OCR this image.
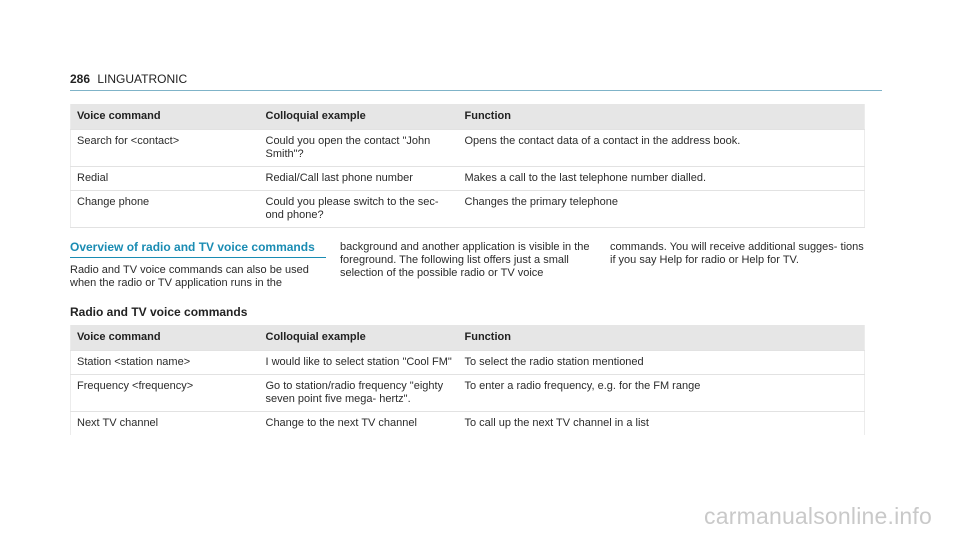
286 LINGUATRONIC
Voice command	Colloquial example	Function
Search for <contact>	Could you open the contact "John Smith"?	Opens the contact data of a contact in the address book.
Redial	Redial/Call last phone number	Makes a call to the last telephone number dialled.
Change phone	Could you please switch to the sec- ond phone?	Changes the primary telephone
Overview of radio and TV voice commands
Radio and TV voice commands can also be used when the radio or TV application runs in the
background and another application is visible in the foreground. The following list offers just a small selection of the possible radio or TV voice
commands. You will receive additional sugges- tions if you say Help for radio or Help for TV.
Radio and TV voice commands
Voice command	Colloquial example	Function
Station <station name>	I would like to select station "Cool FM"	To select the radio station mentioned
Frequency <frequency>	Go to station/radio frequency "eighty seven point five mega- hertz".	To enter a radio frequency, e.g. for the FM range
Next TV channel	Change to the next TV channel	To call up the next TV channel in a list
carmanualsonline.info
